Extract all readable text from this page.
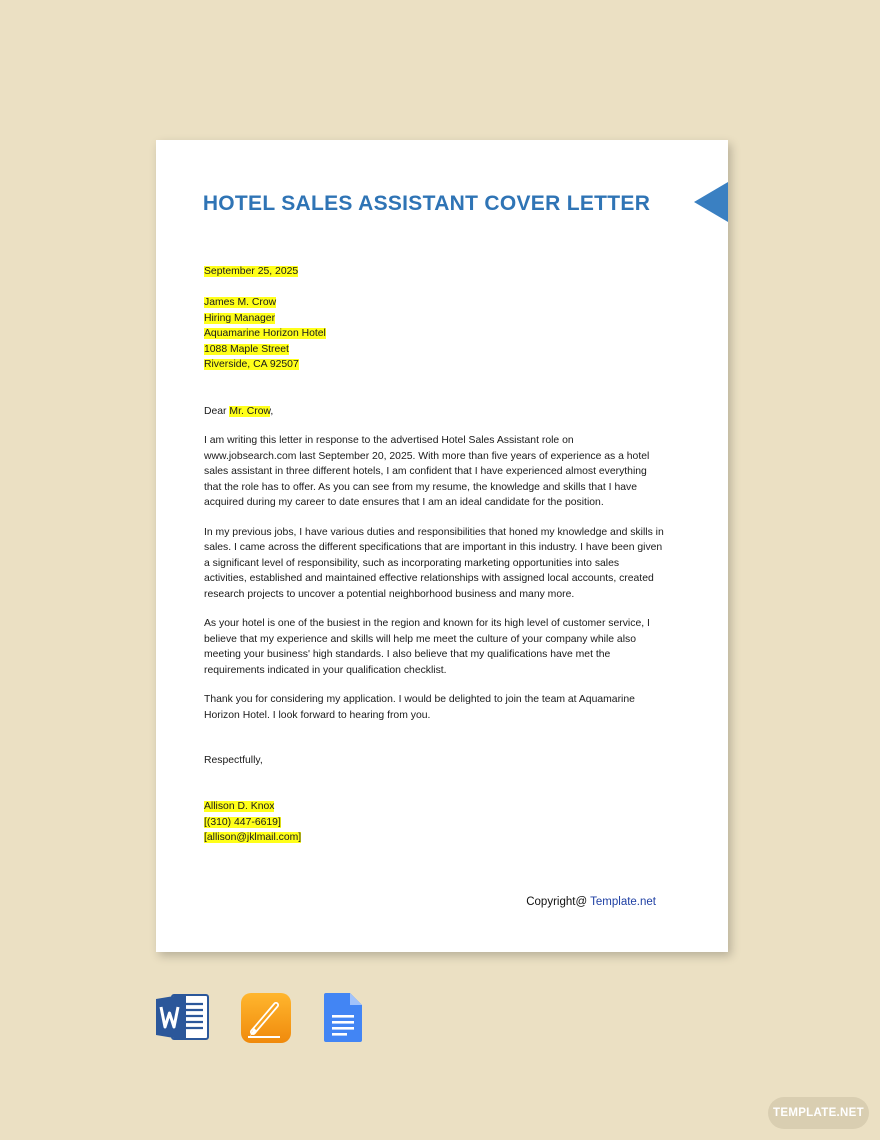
HOTEL SALES ASSISTANT COVER LETTER

September 25, 2025

James M. Crow

Hiring Manager

Aquamarine Horizon Hotel

1088 Maple Street

Riverside, CA 92507

Dear Mr. Crow,

I am writing this letter in response to the advertised Hotel Sales Assistant role on www.jobsearch.com last September 20, 2025. With more than five years of experience as a hotel sales assistant in three different hotels, I am confident that I have experienced almost everything that the role has to offer. As you can see from my resume, the knowledge and skills that I have acquired during my career to date ensures that I am an ideal candidate for the position.

In my previous jobs, I have various duties and responsibilities that honed my knowledge and skills in sales. I came across the different specifications that are important in this industry. I have been given a significant level of responsibility, such as incorporating marketing opportunities into sales activities, established and maintained effective relationships with assigned local accounts, created research projects to uncover a potential neighborhood business and many more.

As your hotel is one of the busiest in the region and known for its high level of customer service, I believe that my experience and skills will help me meet the culture of your company while also meeting your business' high standards. I also believe that my qualifications have met the requirements indicated in your qualification checklist.

Thank you for considering my application. I would be delighted to join the team at Aquamarine Horizon Hotel. I look forward to hearing from you.

Respectfully,

Allison D. Knox

[(310) 447-6619]

[allison@jklmail.com]

Copyright@ Template.net
TEMPLATE.NET
